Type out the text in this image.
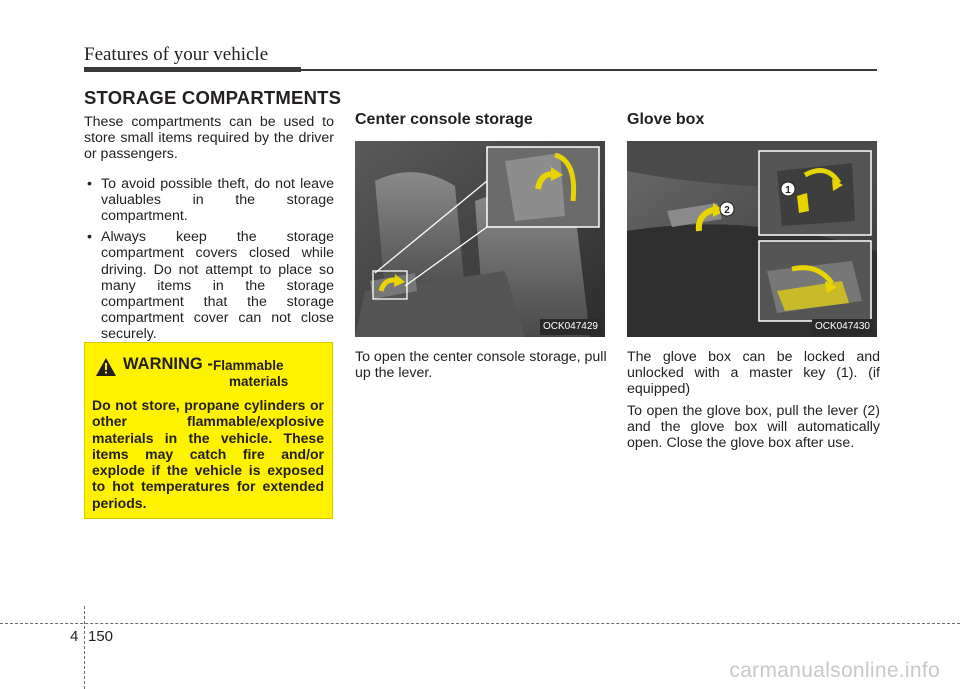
Features of your vehicle
STORAGE COMPARTMENTS

These compartments can be used to store small items required by the driver or passengers.

• To avoid possible theft, do not leave valuables in the storage compartment.
• Always keep the storage compartment covers closed while driving. Do not attempt to place so many items in the storage compartment that the storage compartment cover can not close securely.
WARNING - Flammable
materials

Do not store, propane cylinders or other flammable/explosive materials in the vehicle. These items may catch fire and/or explode if the vehicle is exposed to hot temperatures for extended periods.

Center console storage
OCK047429

To open the center console storage, pull up the lever.

Glove box
2
1
OCK047430

The glove box can be locked and unlocked with a master key (1). (if equipped)

To open the glove box, pull the lever (2) and the glove box will automatically open. Close the glove box after use.

4 150
carmanualsonline.info
